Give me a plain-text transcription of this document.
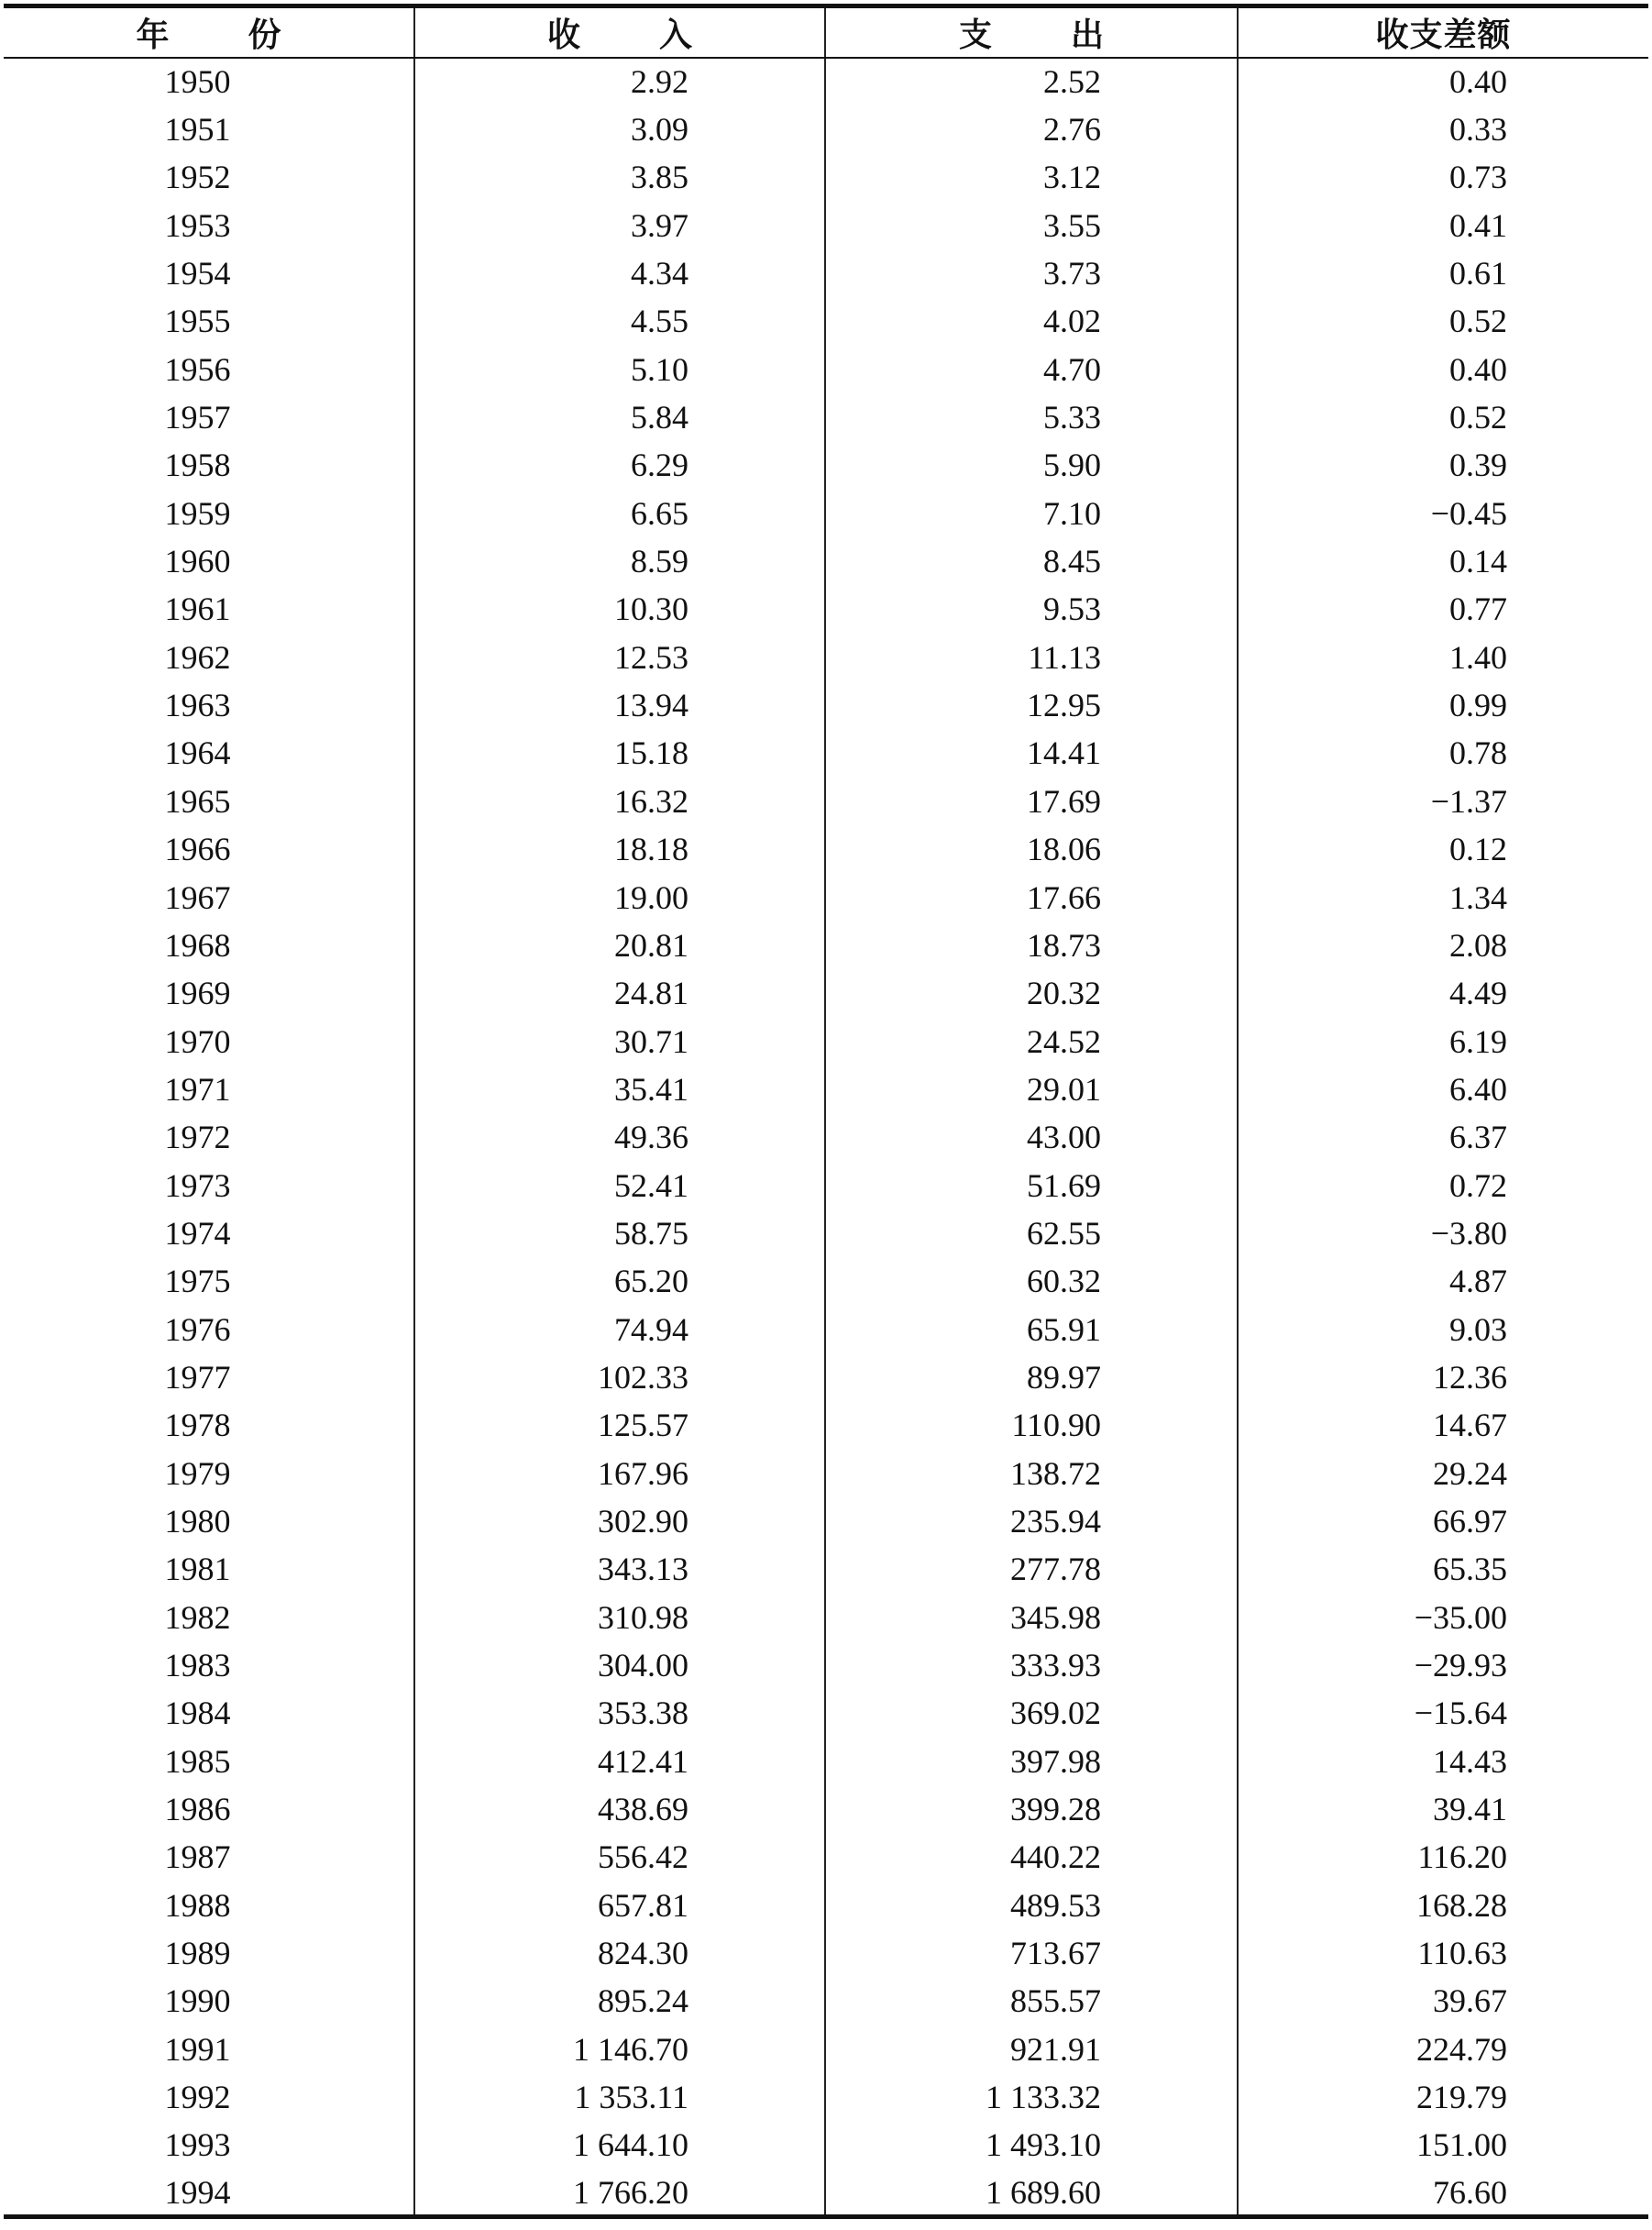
年 份	收 入	支 出	收支差额
1950	2.92	2.52	0.40
1951	3.09	2.76	0.33
1952	3.85	3.12	0.73
1953	3.97	3.55	0.41
1954	4.34	3.73	0.61
1955	4.55	4.02	0.52
1956	5.10	4.70	0.40
1957	5.84	5.33	0.52
1958	6.29	5.90	0.39
1959	6.65	7.10	−0.45
1960	8.59	8.45	0.14
1961	10.30	9.53	0.77
1962	12.53	11.13	1.40
1963	13.94	12.95	0.99
1964	15.18	14.41	0.78
1965	16.32	17.69	−1.37
1966	18.18	18.06	0.12
1967	19.00	17.66	1.34
1968	20.81	18.73	2.08
1969	24.81	20.32	4.49
1970	30.71	24.52	6.19
1971	35.41	29.01	6.40
1972	49.36	43.00	6.37
1973	52.41	51.69	0.72
1974	58.75	62.55	−3.80
1975	65.20	60.32	4.87
1976	74.94	65.91	9.03
1977	102.33	89.97	12.36
1978	125.57	110.90	14.67
1979	167.96	138.72	29.24
1980	302.90	235.94	66.97
1981	343.13	277.78	65.35
1982	310.98	345.98	−35.00
1983	304.00	333.93	−29.93
1984	353.38	369.02	−15.64
1985	412.41	397.98	14.43
1986	438.69	399.28	39.41
1987	556.42	440.22	116.20
1988	657.81	489.53	168.28
1989	824.30	713.67	110.63
1990	895.24	855.57	39.67
1991	1 146.70	921.91	224.79
1992	1 353.11	1 133.32	219.79
1993	1 644.10	1 493.10	151.00
1994	1 766.20	1 689.60	76.60
